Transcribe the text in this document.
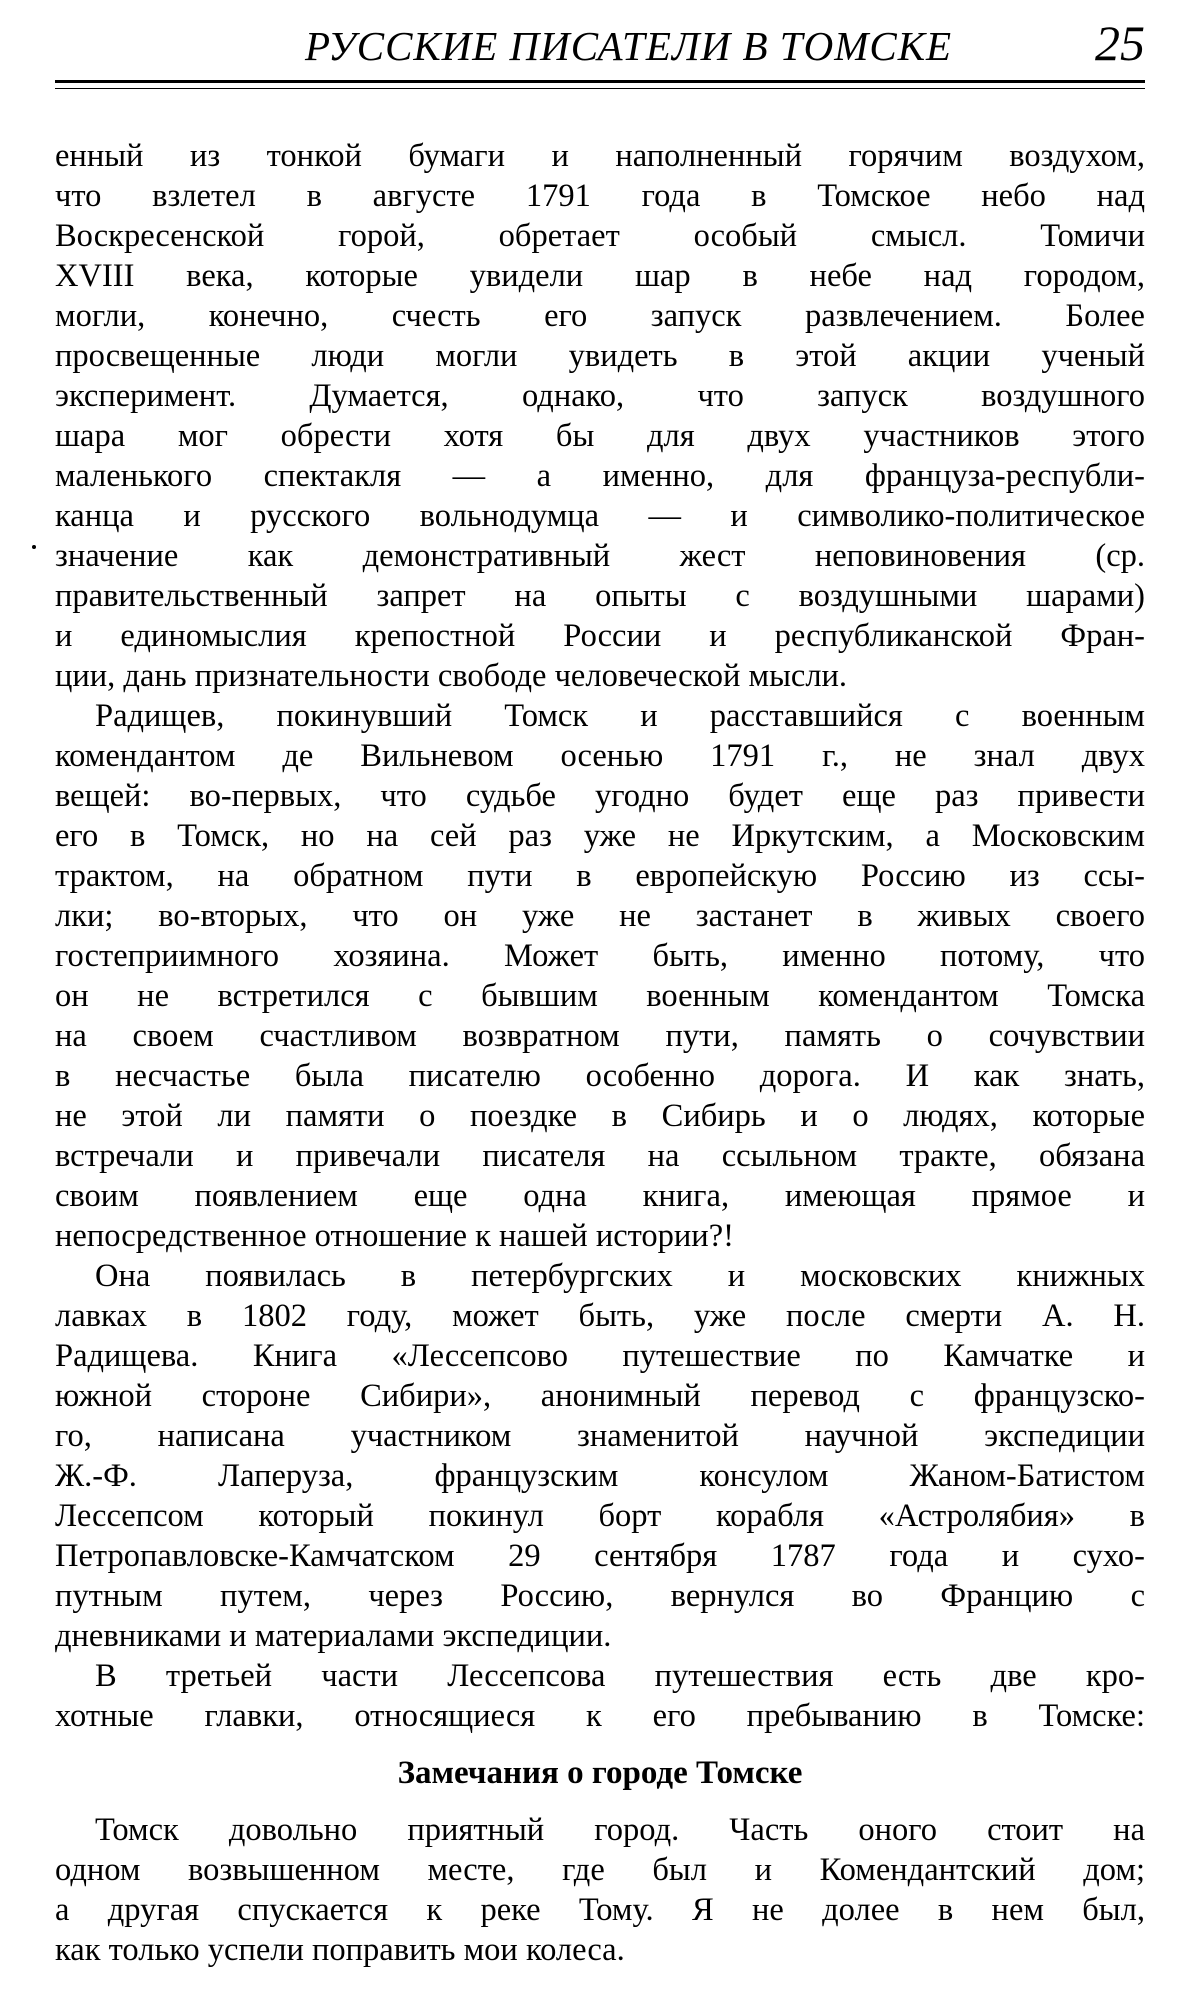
РУССКИЕ ПИСАТЕЛИ В ТОМСКЕ	25
енный из тонкой бумаги и наполненный горячим воздухом,
что взлетел в августе 1791 года в Томское небо над
Воскресенской горой, обретает особый смысл. Томичи
XVIII века, которые увидели шар в небе над городом,
могли, конечно, счесть его запуск развлечением. Более
просвещенные люди могли увидеть в этой акции ученый
эксперимент. Думается, однако, что запуск воздушного
шара мог обрести хотя бы для двух участников этого
маленького спектакля — а именно, для француза-республи-
канца и русского вольнодумца — и символико-политическое
значение как демонстративный жест неповиновения (ср.
правительственный запрет на опыты с воздушными шарами)
и единомыслия крепостной России и республиканской Фран-
ции, дань признательности свободе человеческой мысли.
Радищев, покинувший Томск и расставшийся с военным
комендантом де Вильневом осенью 1791 г., не знал двух
вещей: во-первых, что судьбе угодно будет еще раз привести
его в Томск, но на сей раз уже не Иркутским, а Московским
трактом, на обратном пути в европейскую Россию из ссы-
лки; во-вторых, что он уже не застанет в живых своего
гостеприимного хозяина. Может быть, именно потому, что
он не встретился с бывшим военным комендантом Томска
на своем счастливом возвратном пути, память о сочувствии
в несчастье была писателю особенно дорога. И как знать,
не этой ли памяти о поездке в Сибирь и о людях, которые
встречали и привечали писателя на ссыльном тракте, обязана
своим появлением еще одна книга, имеющая прямое и
непосредственное отношение к нашей истории?!
Она появилась в петербургских и московских книжных
лавках в 1802 году, может быть, уже после смерти А. Н.
Радищева. Книга «Лессепсово путешествие по Камчатке и
южной стороне Сибири», анонимный перевод с французско-
го, написана участником знаменитой научной экспедиции
Ж.-Ф. Лаперуза, французским консулом Жаном-Батистом
Лессепсом который покинул борт корабля «Астролябия» в
Петропавловске-Камчатском 29 сентября 1787 года и сухо-
путным путем, через Россию, вернулся во Францию с
дневниками и материалами экспедиции.
В третьей части Лессепсова путешествия есть две кро-
хотные главки, относящиеся к его пребыванию в Томске:
Замечания о городе Томске
Томск довольно приятный город. Часть оного стоит на
одном возвышенном месте, где был и Комендантский дом;
а другая спускается к реке Тому. Я не долее в нем был,
как только успели поправить мои колеса.
